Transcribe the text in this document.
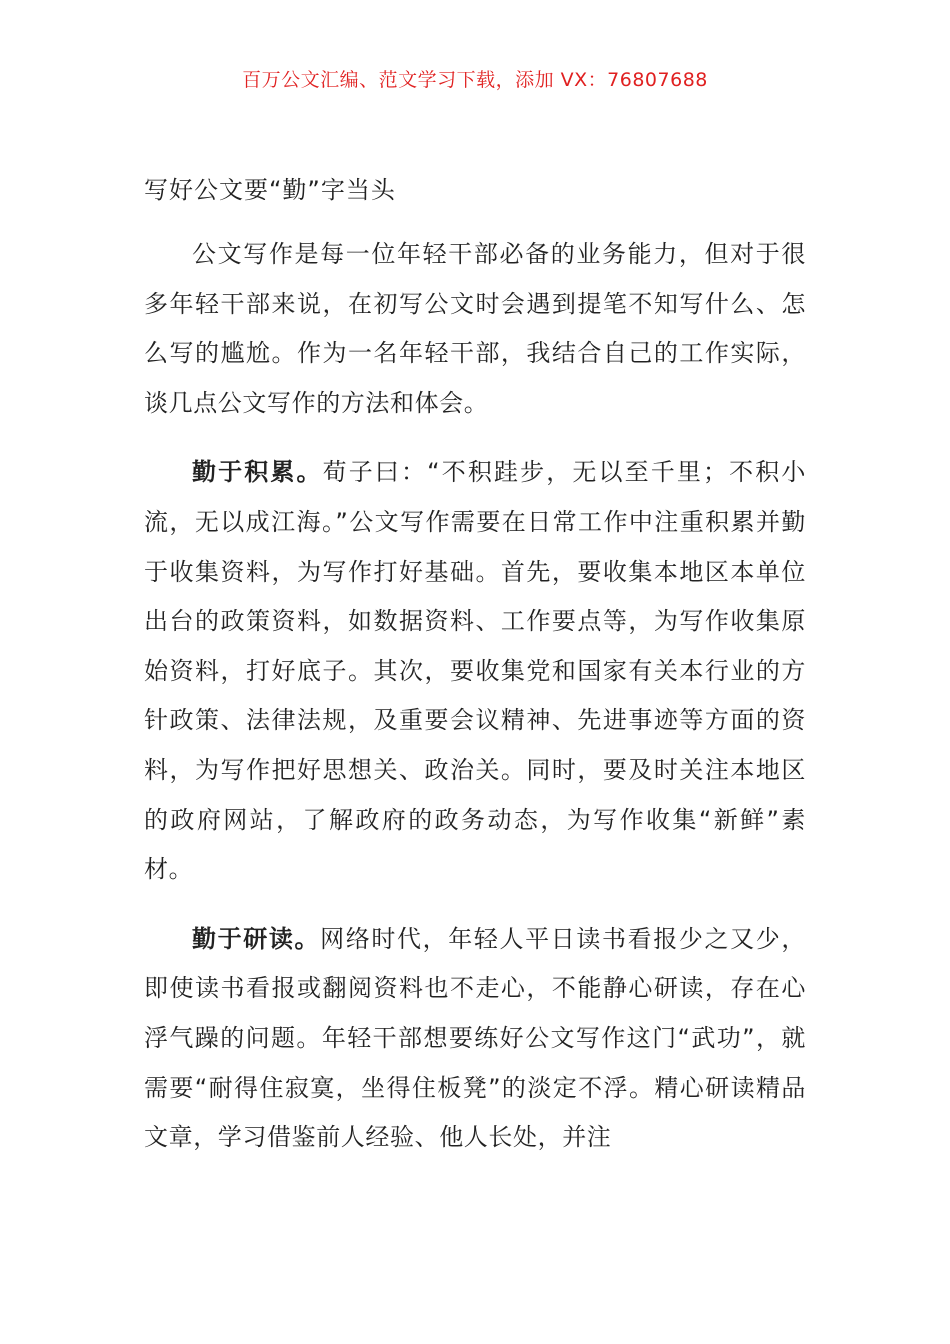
百万公文汇编、范文学习下载，添加 VX：76807688
写好公文要“勤”字当头

公文写作是每一位年轻干部必备的业务能力，但对于很多年轻干部来说，在初写公文时会遇到提笔不知写什么、怎么写的尴尬。作为一名年轻干部，我结合自己的工作实际，谈几点公文写作的方法和体会。

勤于积累。荀子曰：“不积跬步，无以至千里；不积小流，无以成江海。”公文写作需要在日常工作中注重积累并勤于收集资料，为写作打好基础。首先，要收集本地区本单位出台的政策资料，如数据资料、工作要点等，为写作收集原始资料，打好底子。其次，要收集党和国家有关本行业的方针政策、法律法规，及重要会议精神、先进事迹等方面的资料，为写作把好思想关、政治关。同时，要及时关注本地区的政府网站，了解政府的政务动态，为写作收集“新鲜”素材。

勤于研读。网络时代，年轻人平日读书看报少之又少，即使读书看报或翻阅资料也不走心，不能静心研读，存在心浮气躁的问题。年轻干部想要练好公文写作这门“武功”，就需要“耐得住寂寞，坐得住板凳”的淡定不浮。精心研读精品文章，学习借鉴前人经验、他人长处，并注
